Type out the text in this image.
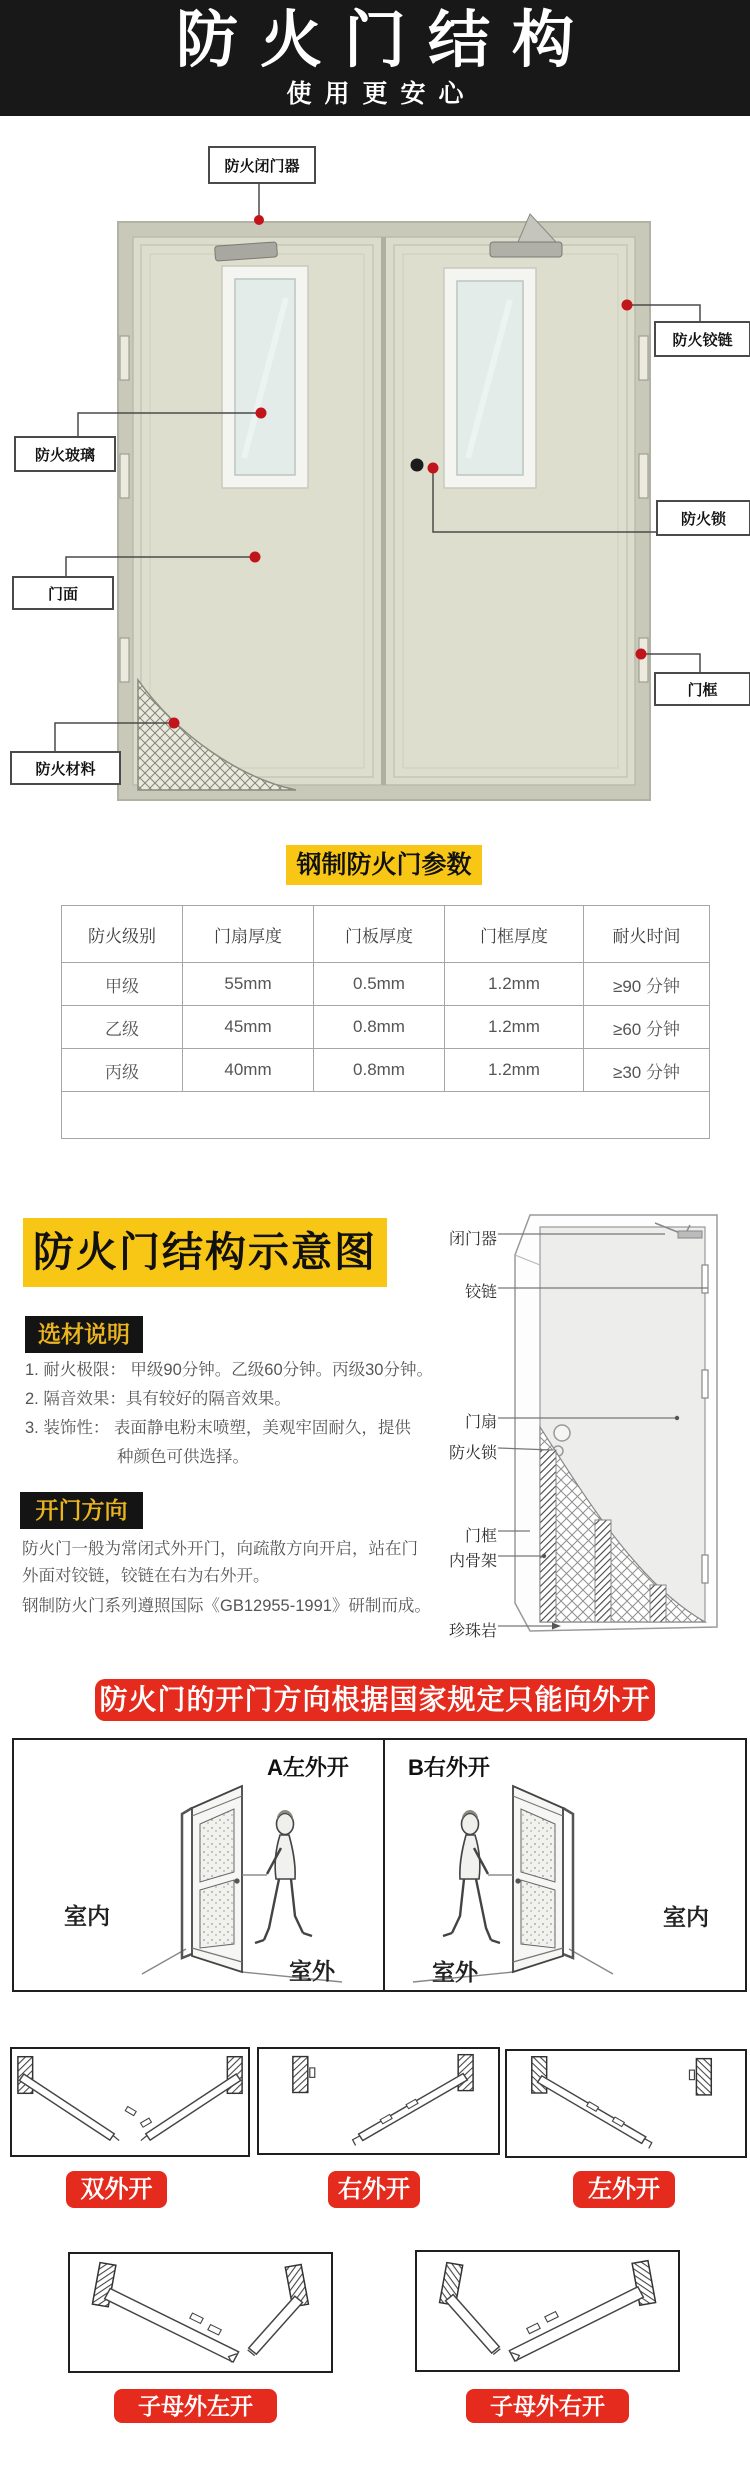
防火门结构

使用更安心

防火闭门器
防火铰链
防火玻璃
防火锁
门面
门框
防火材料
钢制防火门参数
防火级别	门扇厚度	门板厚度	门框厚度	耐火时间
甲级	55mm	0.5mm	1.2mm	≥90 分钟
乙级	45mm	0.8mm	1.2mm	≥60 分钟
丙级	40mm	0.8mm	1.2mm	≥30 分钟

防火门结构示意图
选材说明
1. 耐火极限： 甲级90分钟。乙级60分钟。丙级30分钟。
2. 隔音效果：具有较好的隔音效果。
3. 装饰性： 表面静电粉末喷塑，美观牢固耐久，提供
种颜色可供选择。
开门方向
防火门一般为常闭式外开门，向疏散方向开启，站在门
外面对铰链，铰链在右为右外开。
钢制防火门系列遵照国际《GB12955-1991》研制而成。
闭门器
铰链
门扇
防火锁
门框
内骨架
珍珠岩
防火门的开门方向根据国家规定只能向外开
A左外开	B右外开
室内
室外	室外
室内
双外开	右外开	左外开
子母外左开	子母外右开
